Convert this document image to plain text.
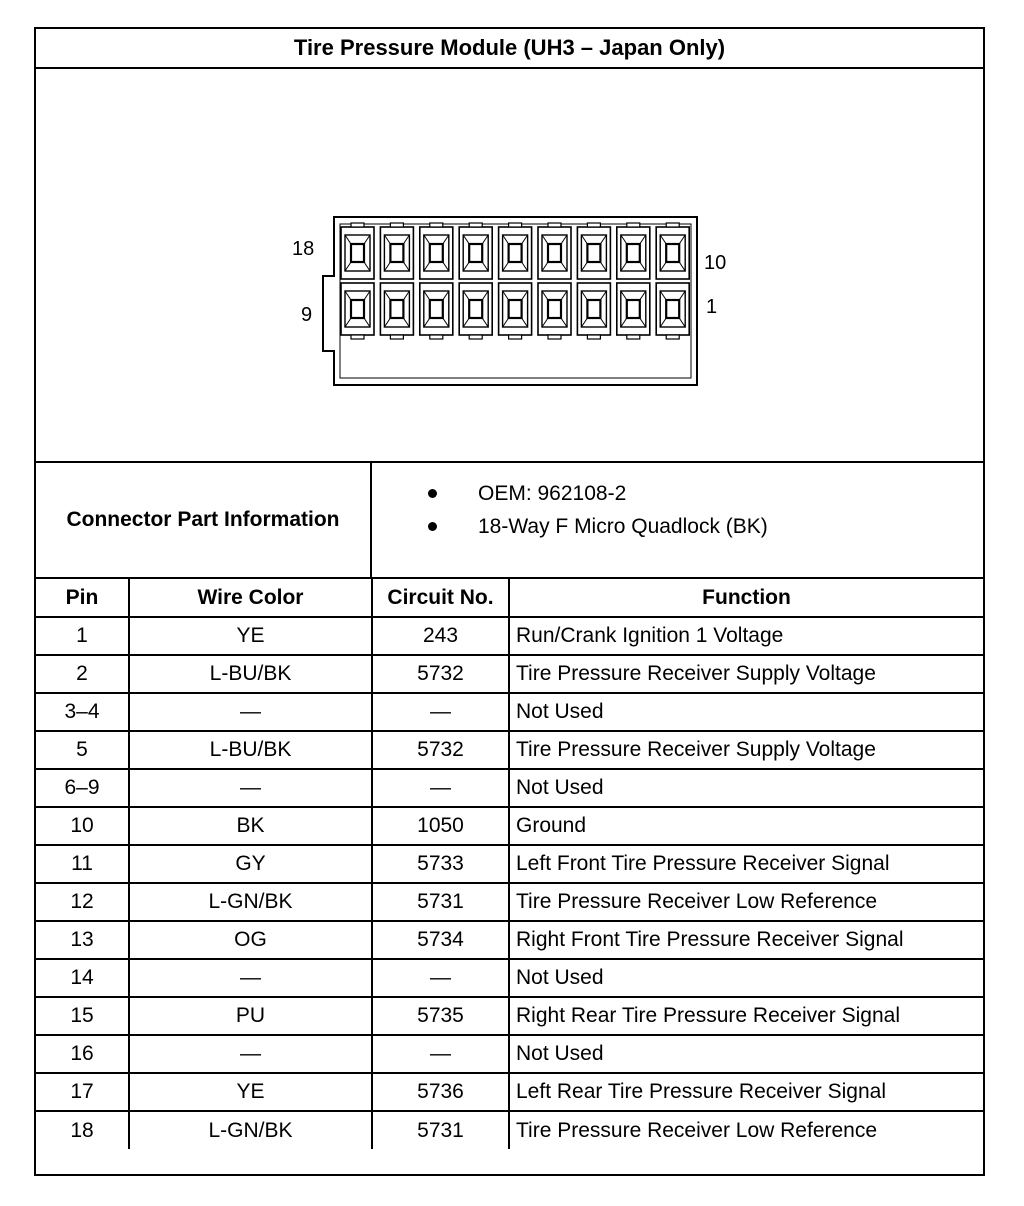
Tire Pressure Module (UH3 – Japan Only)
18
9
10
1
Connector Part Information
OEM: 962108-2
18-Way F Micro Quadlock (BK)
Pin	Wire Color	Circuit No.	Function
1	YE	243	Run/Crank Ignition 1 Voltage
2	L-BU/BK	5732	Tire Pressure Receiver Supply Voltage
3–4	—	—	Not Used
5	L-BU/BK	5732	Tire Pressure Receiver Supply Voltage
6–9	—	—	Not Used
10	BK	1050	Ground
11	GY	5733	Left Front Tire Pressure Receiver Signal
12	L-GN/BK	5731	Tire Pressure Receiver Low Reference
13	OG	5734	Right Front Tire Pressure Receiver Signal
14	—	—	Not Used
15	PU	5735	Right Rear Tire Pressure Receiver Signal
16	—	—	Not Used
17	YE	5736	Left Rear Tire Pressure Receiver Signal
18	L-GN/BK	5731	Tire Pressure Receiver Low Reference
